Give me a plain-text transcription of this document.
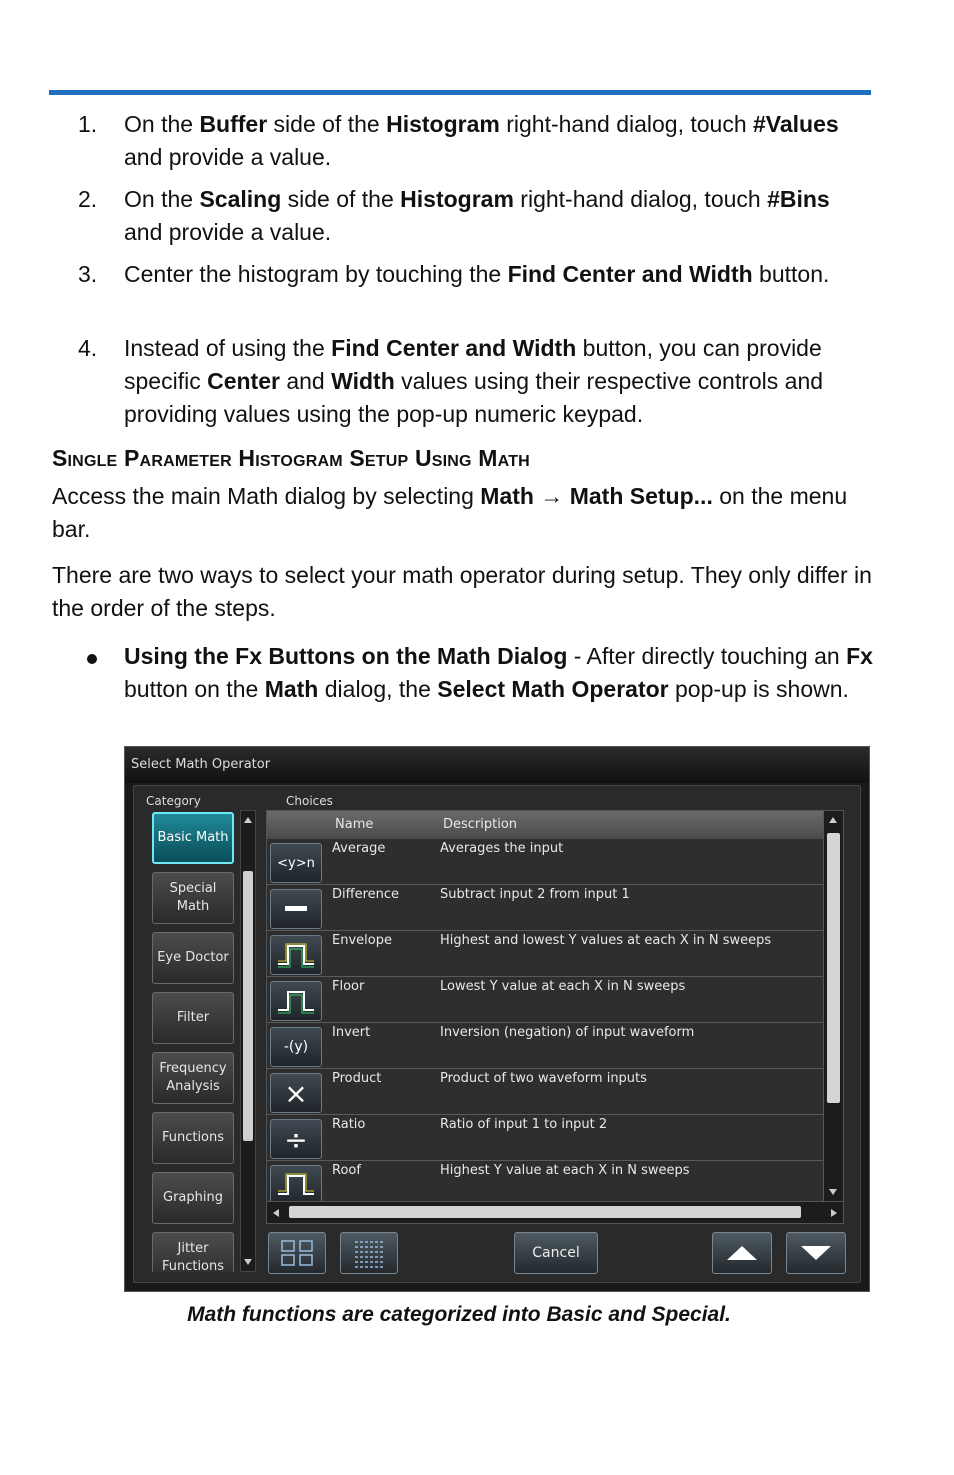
1. On the Buffer side of the Histogram right-hand dialog, touch #Values and provide a value.
2. On the Scaling side of the Histogram right-hand dialog, touch #Bins and provide a value.
3. Center the histogram by touching the Find Center and Width button.
4. Instead of using the Find Center and Width button, you can provide specific Center and Width values using their respective controls and providing values using the pop-up numeric keypad.
Single Parameter Histogram Setup Using Math
Access the main Math dialog by selecting Math → Math Setup... on the menu bar.
There are two ways to select your math operator during setup. They only differ in the order of the steps.
Using the Fx Buttons on the Math Dialog - After directly touching an Fx button on the Math dialog, the Select Math Operator pop-up is shown.
Select Math Operator
Category	Choices
Basic Math
Special Math
Eye Doctor
Filter
Frequency Analysis
Functions
Graphing
Jitter Functions
Name	Description
<y>n
Average	Averages the input
Difference	Subtract input 2 from input 1
Envelope	Highest and lowest Y values at each X in N sweeps
Floor	Lowest Y value at each X in N sweeps
-(y)
Invert	Inversion (negation) of input waveform
×	Product	Product of two waveform inputs
÷	Ratio	Ratio of input 1 to input 2
Roof	Highest Y value at each X in N sweeps
Cancel
Math functions are categorized into Basic and Special.
